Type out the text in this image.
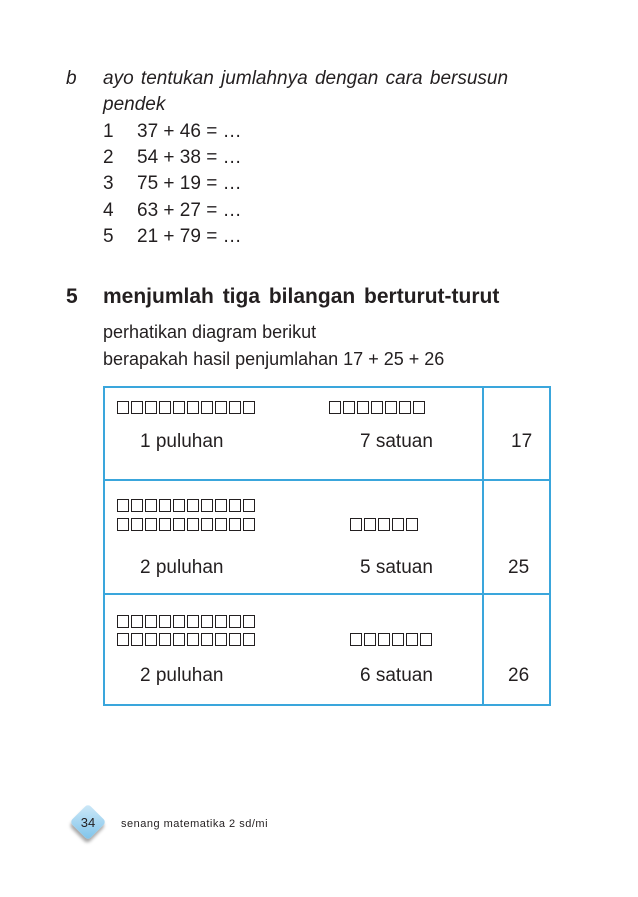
b ayo tentukan jumlahnya dengan cara bersusun
pendek
1 37 + 46 = …
2 54 + 38 = …
3 75 + 19 = …
4 63 + 27 = …
5 21 + 79 = …
5 menjumlah tiga bilangan berturut-turut
perhatikan diagram berikut
berapakah hasil penjumlahan 17 + 25 + 26
1 puluhan	7 satuan	17
2 puluhan	5 satuan	25
2 puluhan	6 satuan	26
34	senang matematika 2 sd/mi
